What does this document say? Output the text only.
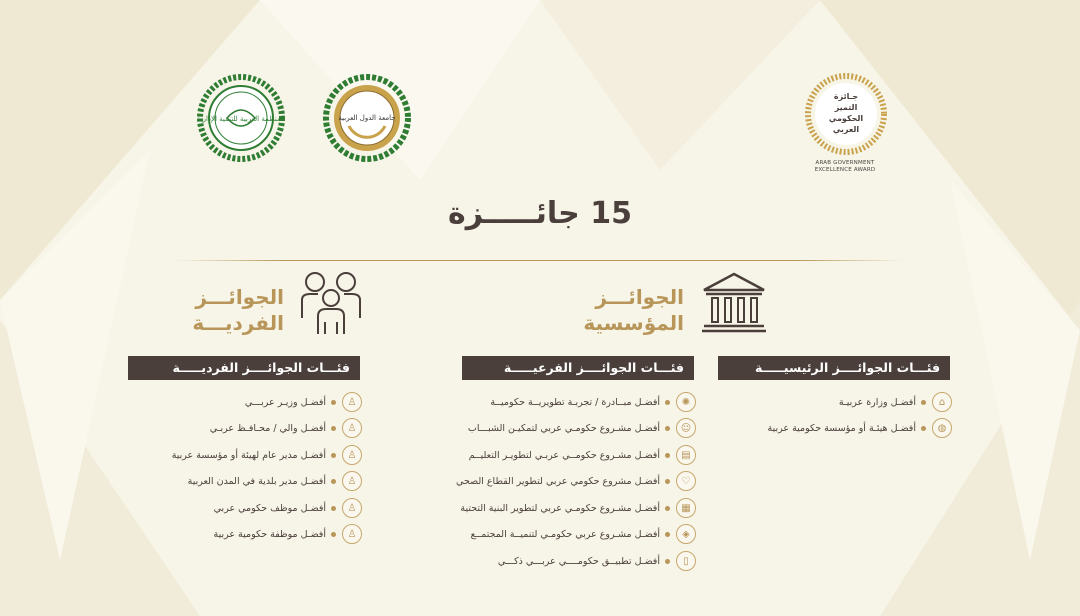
المنظمة العربية للتنمية الإدارية	جامعة الدول العربية
جـائزة
التميز
الحكومي
العربي
ARAB GOVERNMENT
EXCELLENCE AWARD
15 جائـــــزة
الجوائـــز
المؤسسية
الجوائـــز
الفرديـــة
فئـــات الجوائــــز الرئيسيـــــة
فئـــات الجوائــــز الفرعيـــــة
فئـــات الجوائــــز الفرديـــــة
⌂
أفضـل وزارة عربيـة
◍
أفضـل هيئـة أو مؤسسة حكومية عربية
✺
أفضـل مبــادرة / تجربـة تطويريــة حكوميــة
☺
أفضـل مشـروع حكومـي عربي لتمكيـن الشبـــاب
▤
أفضـل مشـروع حكومــي عربـي لتطويـر التعليــم
♡
أفضـل مشروع حكومي عربي لتطوير القطاع الصحي
▦
أفضـل مشـروع حكومـي عربي لتطوير البنية التحتية
◈
أفضـل مشـروع عربي حكومـي لتنميــة المجتمــع
▯
أفضـل تطبيــق حكومــــي عربـــي ذكـــي
♙
أفضـل وزيـر عربـــي
♙
أفضـل والي / محـافـظ عربـي
♙
أفضـل مدير عام لهيئة أو مؤسسة عربية
♙
أفضـل مدير بلدية في المدن العربية
♙
أفضـل موظف حكومي عربي
♙
أفضـل موظفة حكومية عربية
